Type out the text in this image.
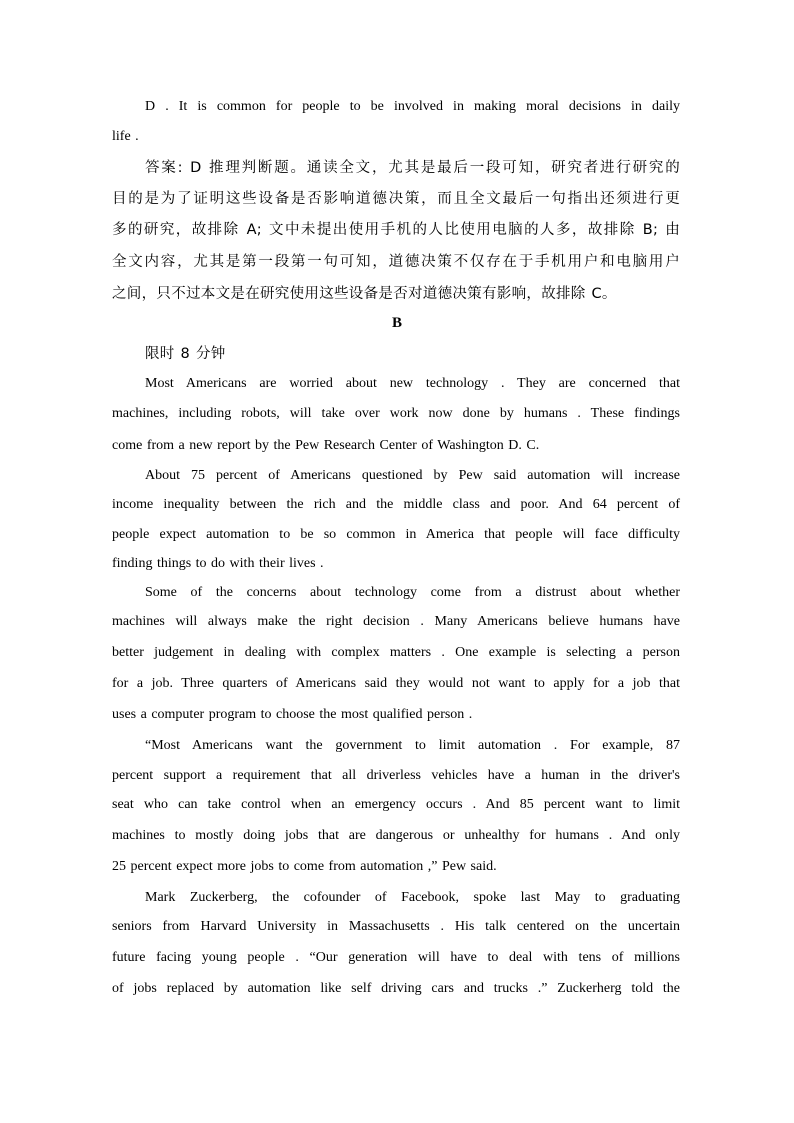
D . It is common for people to be involved in making moral decisions in daily
life .
答案: D 推理判断题。通读全文，尤其是最后一段可知，研究者进行研究的
目的是为了证明这些设备是否影响道德决策，而且全文最后一句指出还须进行更
多的研究，故排除 A; 文中未提出使用手机的人比使用电脑的人多，故排除 B; 由
全文内容，尤其是第一段第一句可知，道德决策不仅存在于手机用户和电脑用户
之间，只不过本文是在研究使用这些设备是否对道德决策有影响，故排除 C。
B
限时 8 分钟
Most Americans are worried about new technology . They are concerned that
machines, including robots, will take over work now done by humans . These findings
come from a new report by the Pew Research Center of Washington D. C.
About 75 percent of Americans questioned by Pew said automation will increase
income inequality between the rich and the middle class and poor. And 64 percent of
people expect automation to be so common in America that people will face difficulty
finding things to do with their lives .
Some of the concerns about technology come from a distrust about whether
machines will always make the right decision . Many Americans believe humans have
better judgement in dealing with complex matters . One example is selecting a person
for a job. Three quarters of Americans said they would not want to apply for a job that
uses a computer program to choose the most qualified person .
“Most Americans want the government to limit automation . For example, 87
percent support a requirement that all driverless vehicles have a human in the driver's
seat who can take control when an emergency occurs . And 85 percent want to limit
machines to mostly doing jobs that are dangerous or unhealthy for humans . And only
25 percent expect more jobs to come from automation ,” Pew said.
Mark Zuckerberg, the cofounder of Facebook, spoke last May to graduating
seniors from Harvard University in Massachusetts . His talk centered on the uncertain
future facing young people . “Our generation will have to deal with tens of millions
of jobs replaced by automation like self driving cars and trucks .” Zuckerherg told the
